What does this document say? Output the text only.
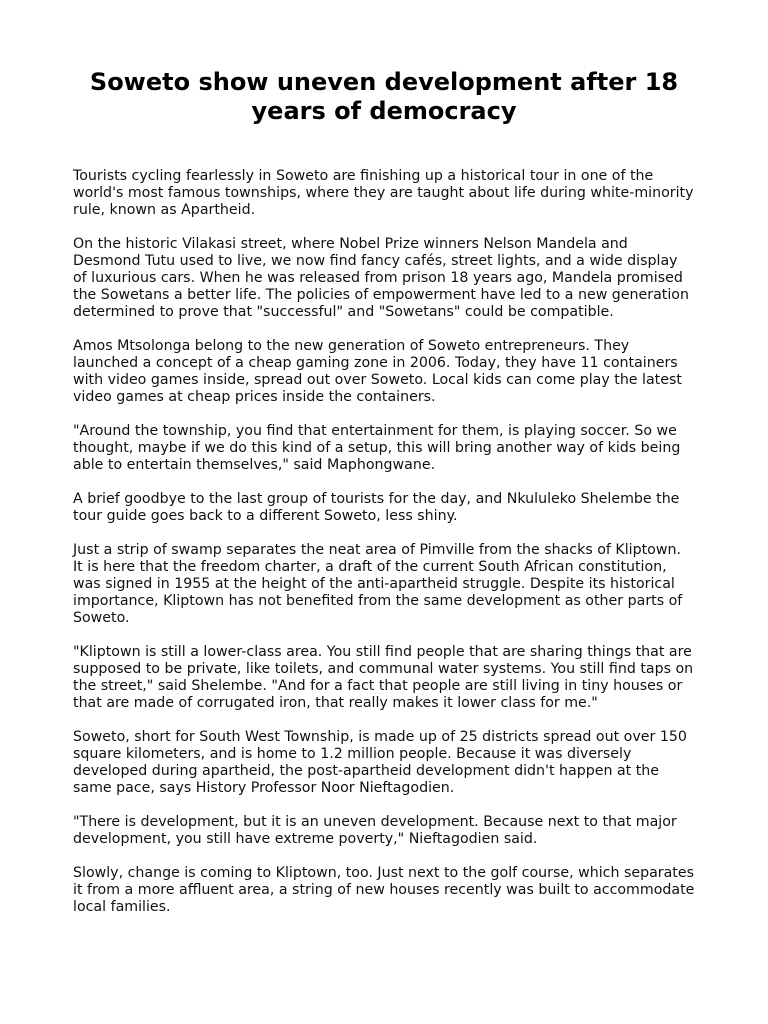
Soweto show uneven development after 18 years of democracy

Tourists cycling fearlessly in Soweto are finishing up a historical tour in one of the world's most famous townships, where they are taught about life during white-minority rule, known as Apartheid.

On the historic Vilakasi street, where Nobel Prize winners Nelson Mandela and Desmond Tutu used to live, we now find fancy cafés, street lights, and a wide display of luxurious cars. When he was released from prison 18 years ago, Mandela promised the Sowetans a better life. The policies of empowerment have led to a new generation determined to prove that "successful" and "Sowetans" could be compatible.

Amos Mtsolonga belong to the new generation of Soweto entrepreneurs. They launched a concept of a cheap gaming zone in 2006. Today, they have 11 containers with video games inside, spread out over Soweto. Local kids can come play the latest video games at cheap prices inside the containers.

"Around the township, you find that entertainment for them, is playing soccer. So we thought, maybe if we do this kind of a setup, this will bring another way of kids being able to entertain themselves," said Maphongwane.

A brief goodbye to the last group of tourists for the day, and Nkululeko Shelembe the tour guide goes back to a different Soweto, less shiny.

Just a strip of swamp separates the neat area of Pimville from the shacks of Kliptown. It is here that the freedom charter, a draft of the current South African constitution, was signed in 1955 at the height of the anti-apartheid struggle. Despite its historical importance, Kliptown has not benefited from the same development as other parts of Soweto.

"Kliptown is still a lower-class area. You still find people that are sharing things that are supposed to be private, like toilets, and communal water systems. You still find taps on the street," said Shelembe. "And for a fact that people are still living in tiny houses or that are made of corrugated iron, that really makes it lower class for me."

Soweto, short for South West Township, is made up of 25 districts spread out over 150 square kilometers, and is home to 1.2 million people. Because it was diversely developed during apartheid, the post-apartheid development didn't happen at the same pace, says History Professor Noor Nieftagodien.

"There is development, but it is an uneven development. Because next to that major development, you still have extreme poverty," Nieftagodien said.

Slowly, change is coming to Kliptown, too. Just next to the golf course, which separates it from a more affluent area, a string of new houses recently was built to accommodate local families.
